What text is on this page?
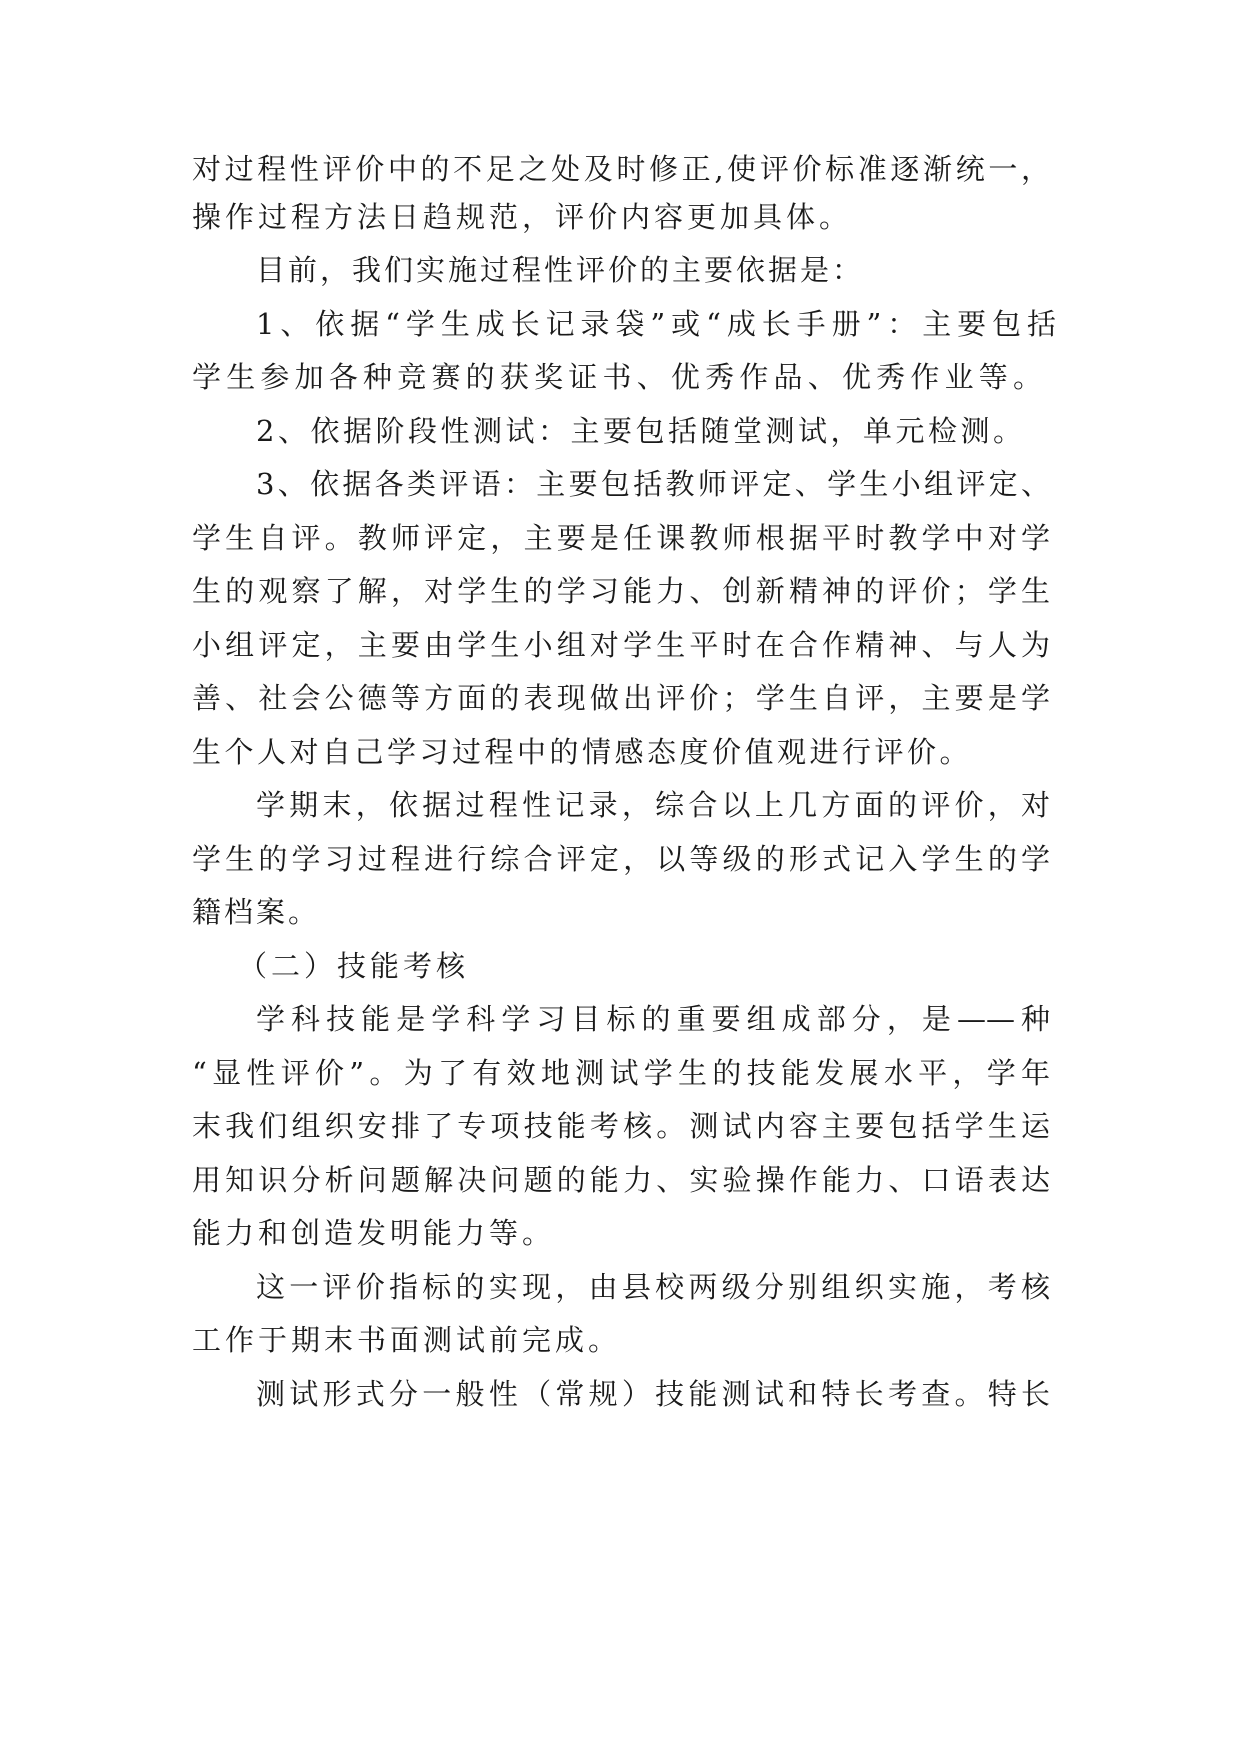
对过程性评价中的不足之处及时修正,使评价标准逐渐统一，
操作过程方法日趋规范，评价内容更加具体。
目前，我们实施过程性评价的主要依据是：
1、依据“学生成长记录袋”或“成长手册”：主要包括
学生参加各种竞赛的获奖证书、优秀作品、优秀作业等。
2、依据阶段性测试：主要包括随堂测试，单元检测。
3、依据各类评语：主要包括教师评定、学生小组评定、
学生自评。教师评定，主要是任课教师根据平时教学中对学
生的观察了解，对学生的学习能力、创新精神的评价；学生
小组评定，主要由学生小组对学生平时在合作精神、与人为
善、社会公德等方面的表现做出评价；学生自评，主要是学
生个人对自己学习过程中的情感态度价值观进行评价。
学期末，依据过程性记录，综合以上几方面的评价，对
学生的学习过程进行综合评定，以等级的形式记入学生的学
籍档案。
（二）技能考核
学科技能是学科学习目标的重要组成部分，是——种
“显性评价”。为了有效地测试学生的技能发展水平，学年
末我们组织安排了专项技能考核。测试内容主要包括学生运
用知识分析问题解决问题的能力、实验操作能力、口语表达
能力和创造发明能力等。
这一评价指标的实现，由县校两级分别组织实施，考核
工作于期末书面测试前完成。
测试形式分一般性（常规）技能测试和特长考查。特长
